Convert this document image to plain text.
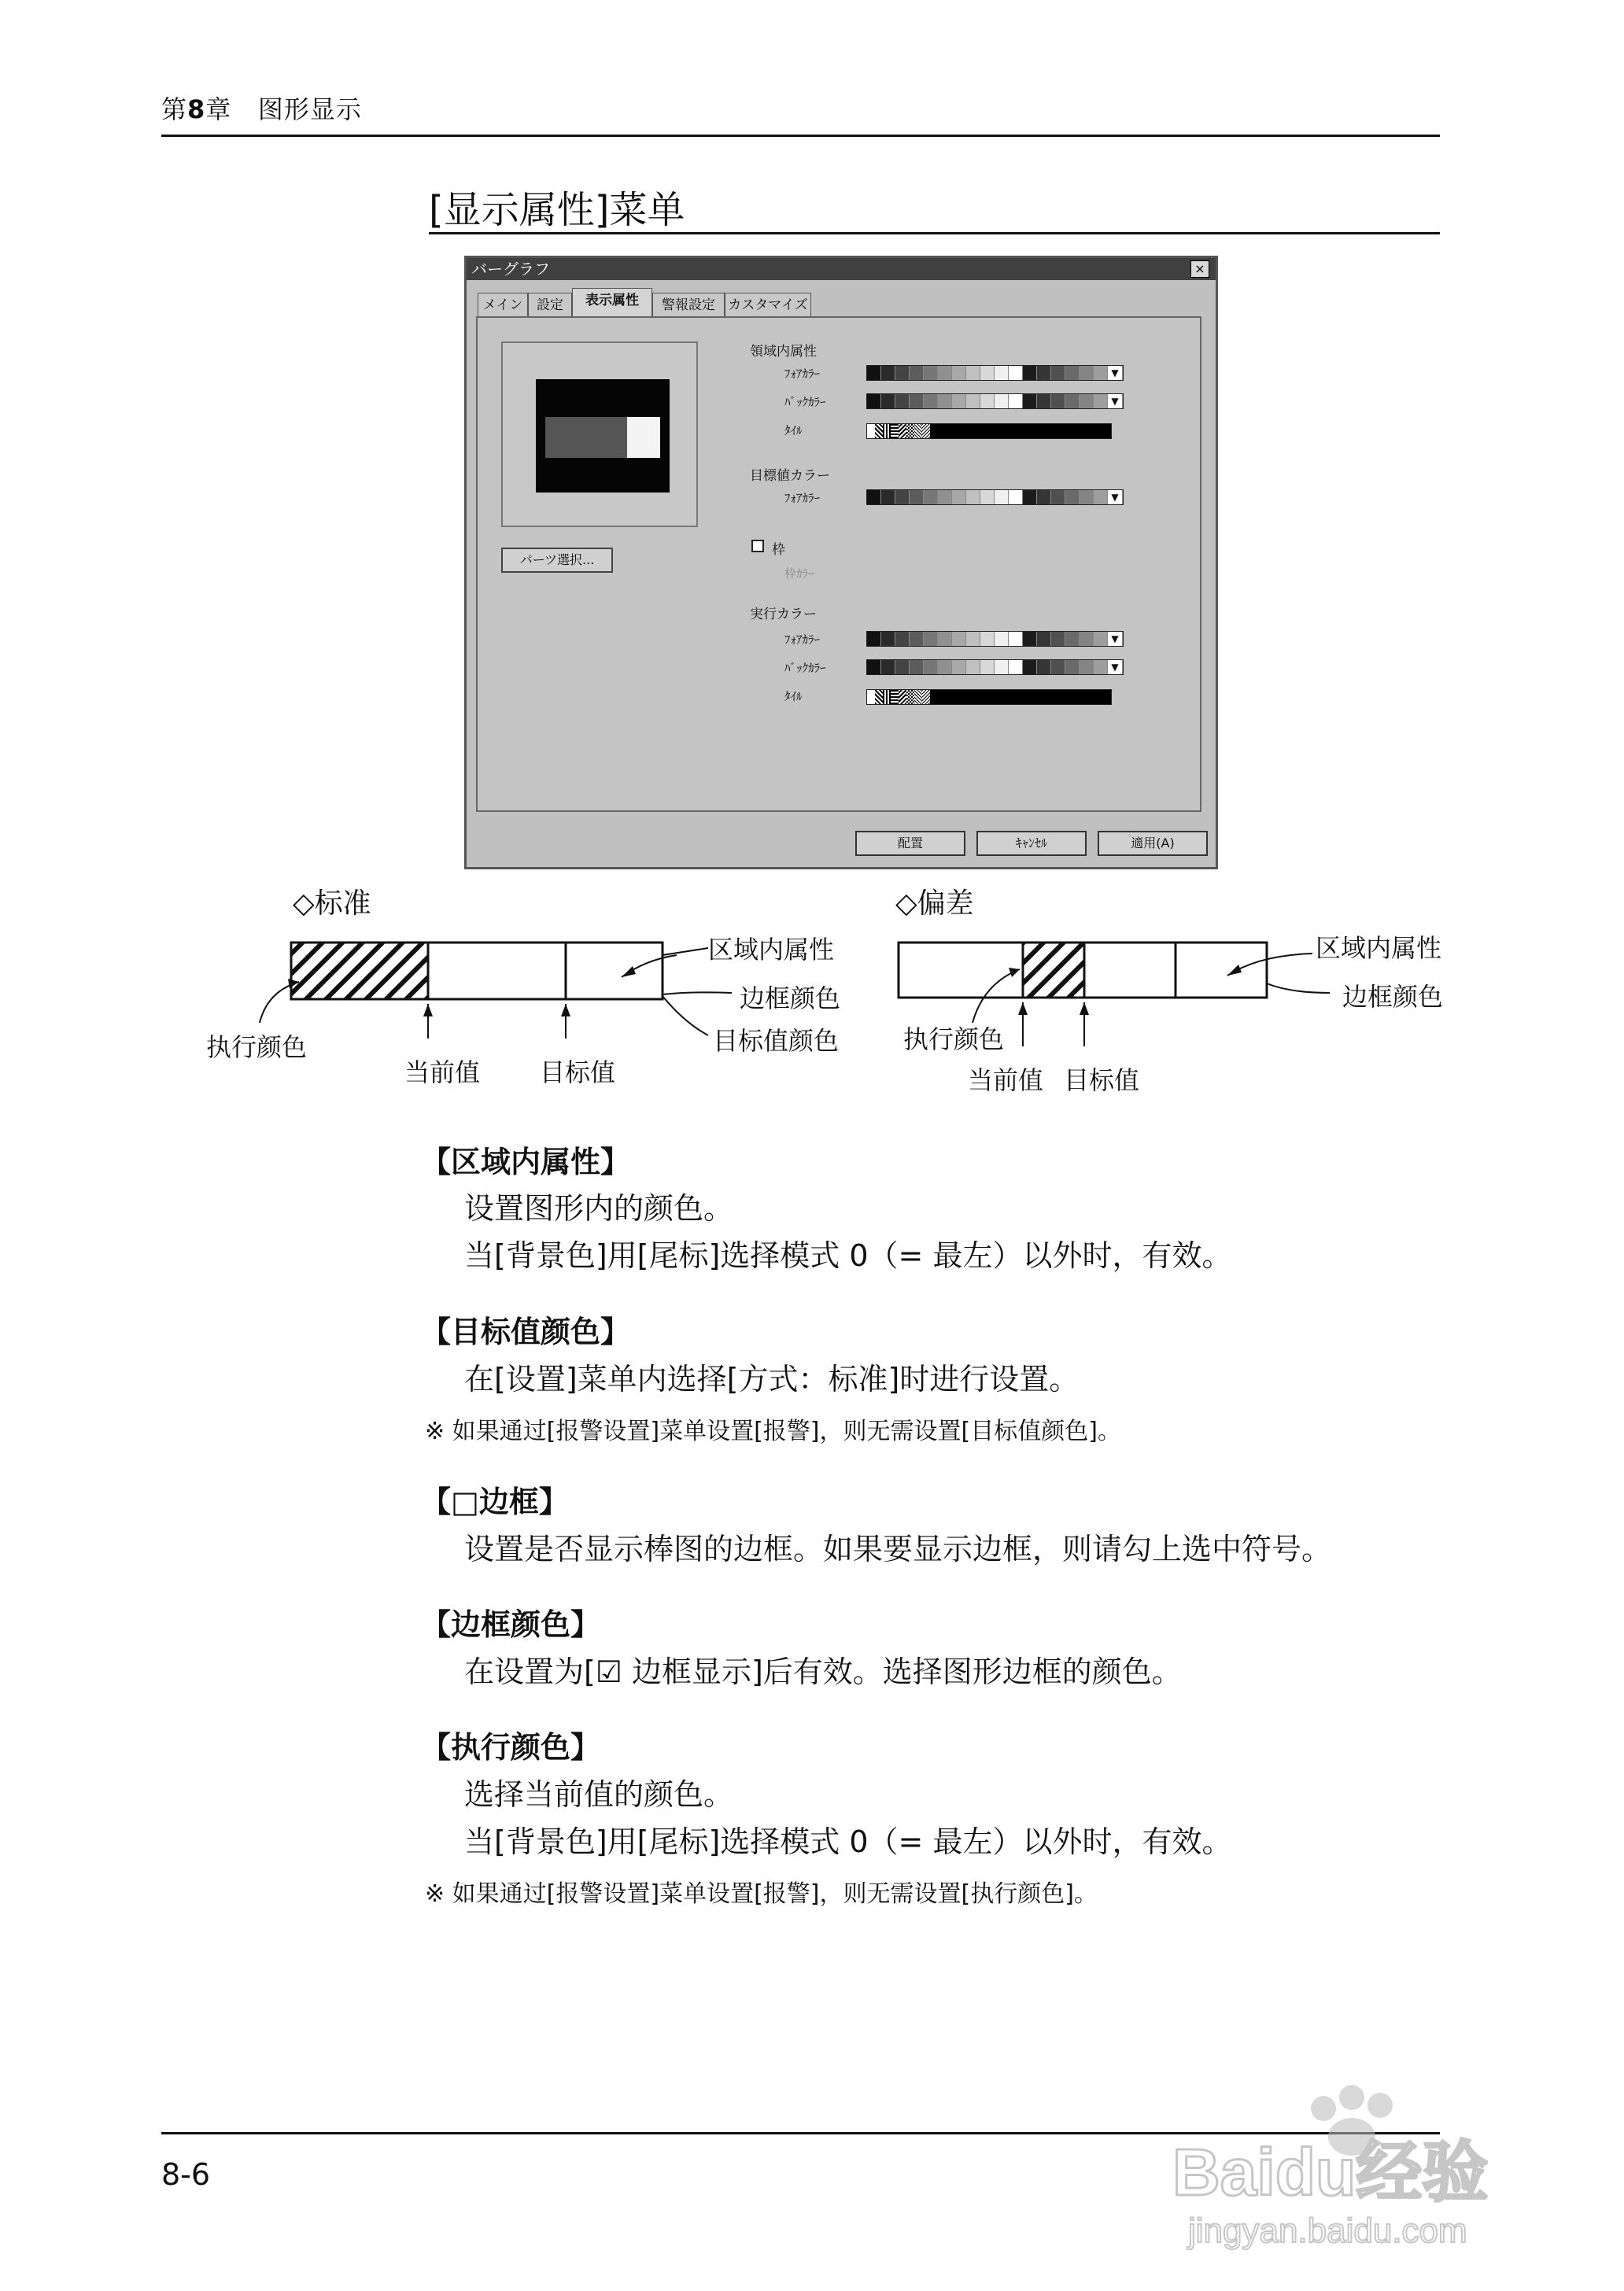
第8章 图形显示
[显示属性]菜单
バーグラフ	×
メイン	設定	表示属性	警報設定 カスタマイズ
パーツ選択...
領域内属性
ﾌｫｱｶﾗｰ	▼
ﾊﾞｯｸｶﾗｰ	▼
ﾀｲﾙ
目標値カラー
ﾌｫｱｶﾗｰ	▼
枠
枠ｶﾗｰ
実行カラー
ﾌｫｱｶﾗｰ	▼
ﾊﾞｯｸｶﾗｰ	▼
ﾀｲﾙ
配置	ｷｬﾝｾﾙ	適用(A)
◇标准
区域内属性
边框颜色
目标值颜色
执行颜色
当前值 目标值
◇偏差
区域内属性
边框颜色
执行颜色
当前值 目标值
【区域内属性】
设置图形内的颜色。
当[背景色]用[尾标]选择模式 0（= 最左）以外时，有效。
【目标值颜色】
在[设置]菜单内选择[方式：标准]时进行设置。
※ 如果通过[报警设置]菜单设置[报警]，则无需设置[目标值颜色]。
【□边框】
设置是否显示棒图的边框。如果要显示边框，则请勾上选中符号。
【边框颜色】
在设置为[☑ 边框显示]后有效。选择图形边框的颜色。
【执行颜色】
选择当前值的颜色。
当[背景色]用[尾标]选择模式 0（= 最左）以外时，有效。
※ 如果通过[报警设置]菜单设置[报警]，则无需设置[执行颜色]。
8-6	Baidu经验
jingyan.baidu.com
